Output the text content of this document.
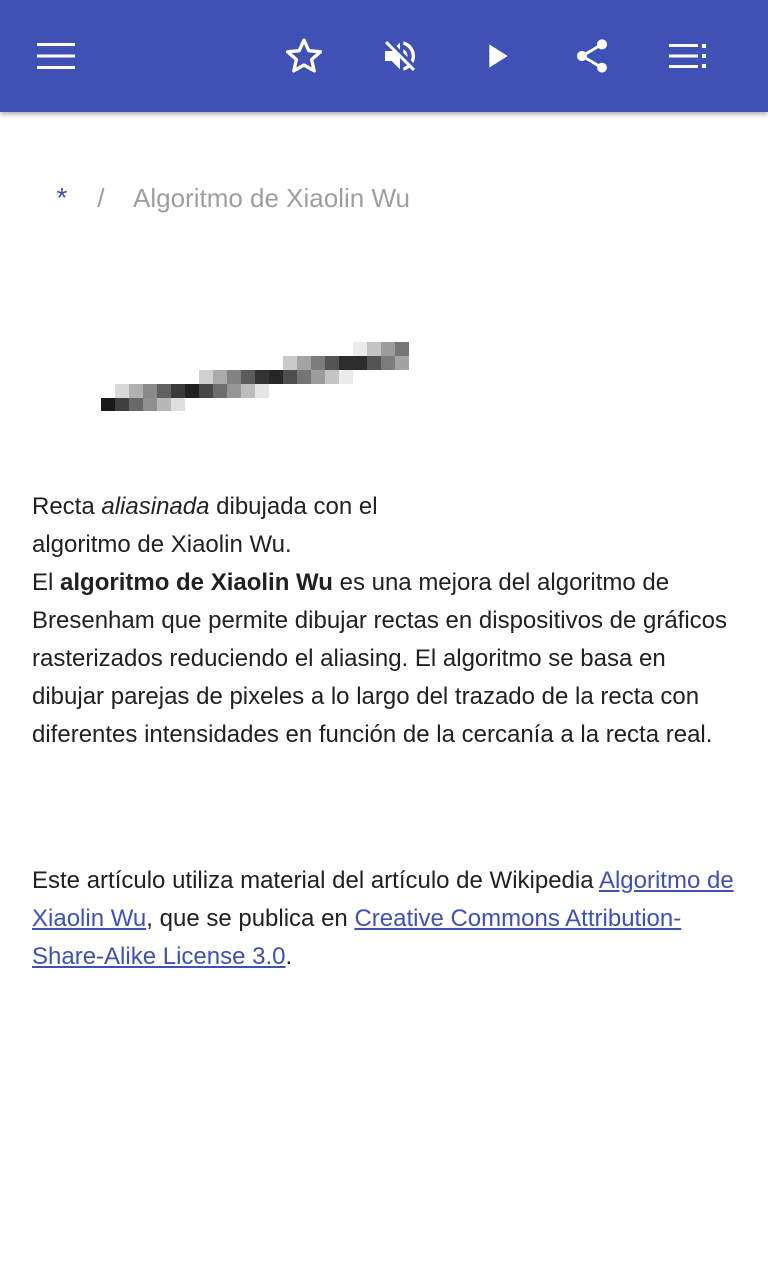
* / Algoritmo de Xiaolin Wu
Recta aliasinada dibujada con el algoritmo de Xiaolin Wu.
El algoritmo de Xiaolin Wu es una mejora del algoritmo de Bresenham que permite dibujar rectas en dispositivos de gráficos rasterizados reduciendo el aliasing. El algoritmo se basa en dibujar parejas de pixeles a lo largo del trazado de la recta con diferentes intensidades en función de la cercanía a la recta real.
Este artículo utiliza material del artículo de Wikipedia Algoritmo de Xiaolin Wu, que se publica en Creative Commons Attribution-Share-Alike License 3.0.
